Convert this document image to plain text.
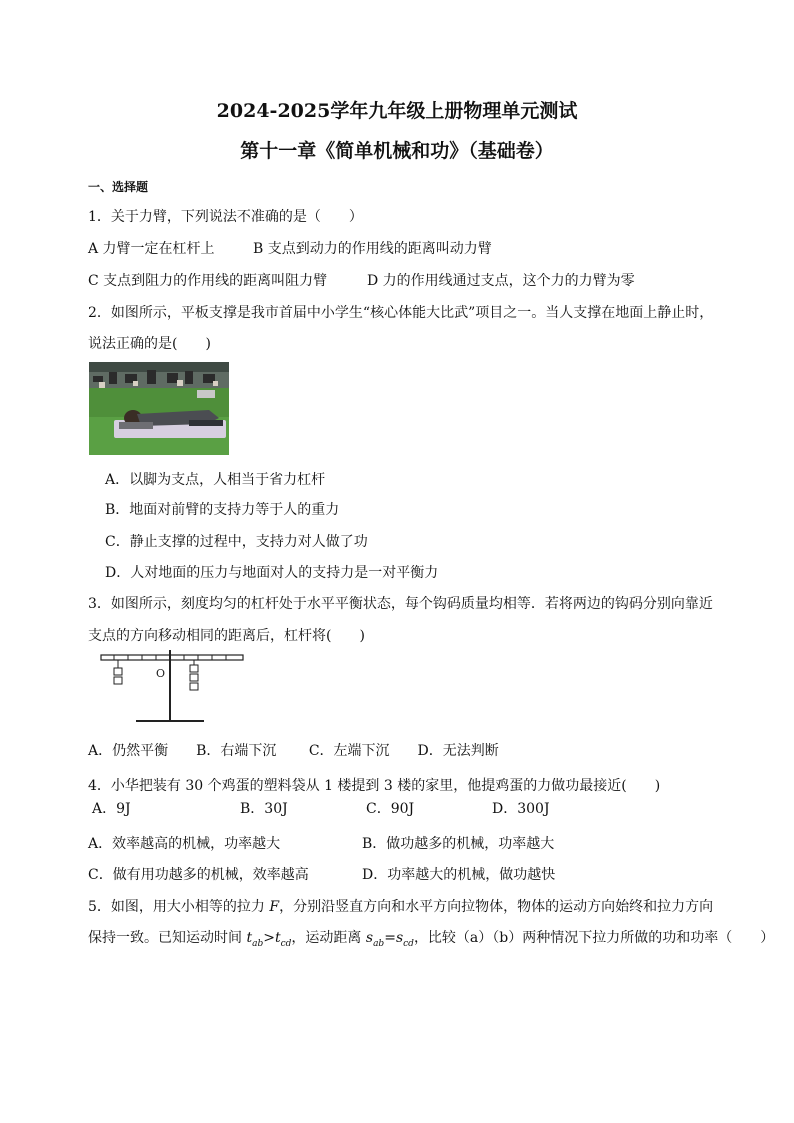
2024-2025学年九年级上册物理单元测试
第十一章《简单机械和功》（基础卷）
一、选择题
1．关于力臂，下列说法不准确的是（　　）
A 力臂一定在杠杆上	B 支点到动力的作用线的距离叫动力臂
C 支点到阻力的作用线的距离叫阻力臂	D 力的作用线通过支点，这个力的力臂为零
2．如图所示，平板支撑是我市首届中小学生“核心体能大比武”项目之一。当人支撑在地面上静止时，
说法正确的是(　　)
A．以脚为支点，人相当于省力杠杆
B．地面对前臂的支持力等于人的重力
C．静止支撑的过程中，支持力对人做了功
D．人对地面的压力与地面对人的支持力是一对平衡力
3．如图所示，刻度均匀的杠杆处于水平平衡状态，每个钩码质量均相等．若将两边的钩码分别向靠近
支点的方向移动相同的距离后，杠杆将(　　)
O
A．仍然平衡　　B．右端下沉　　 C．左端下沉　　D．无法判断
4．小华把装有 30 个鸡蛋的塑料袋从 1 楼提到 3 楼的家里，他提鸡蛋的力做功最接近(　　)
A．9J	B．30J	C．90J	D．300J
A．效率越高的机械，功率越大	B．做功越多的机械，功率越大
C．做有用功越多的机械，效率越高	D．功率越大的机械，做功越快
5．如图，用大小相等的拉力 F，分别沿竖直方向和水平方向拉物体，物体的运动方向始终和拉力方向
保持一致。已知运动时间 $t_{ab}>t_{cd}$，运动距离 $s_{ab}=s_{cd}$，比较（a）（b）两种情况下拉力所做的功和功率（　　）
